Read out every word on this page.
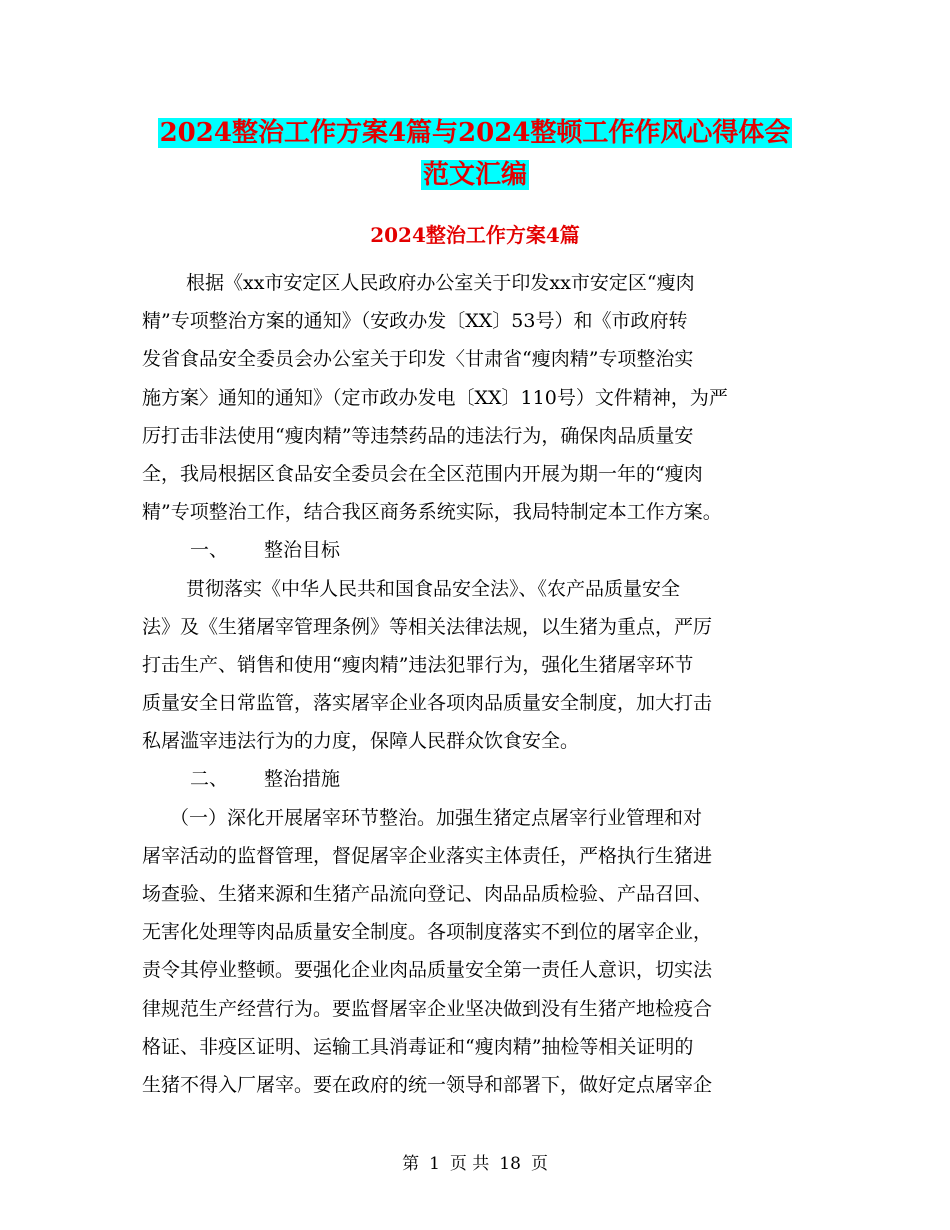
2024整治工作方案4篇与2024整顿工作作风心得体会
范文汇编
2024整治工作方案4篇
根据《xx市安定区人民政府办公室关于印发xx市安定区“瘦肉
精”专项整治方案的通知》（安政办发〔XX〕53号）和《市政府转
发省食品安全委员会办公室关于印发〈甘肃省“瘦肉精”专项整治实
施方案〉通知的通知》（定市政办发电〔XX〕110号）文件精神，为严
厉打击非法使用“瘦肉精”等违禁药品的违法行为，确保肉品质量安
全，我局根据区食品安全委员会在全区范围内开展为期一年的“瘦肉
精”专项整治工作，结合我区商务系统实际，我局特制定本工作方案。
一、 整治目标
贯彻落实《中华人民共和国食品安全法》、《农产品质量安全
法》及《生猪屠宰管理条例》等相关法律法规，以生猪为重点，严厉
打击生产、销售和使用“瘦肉精”违法犯罪行为，强化生猪屠宰环节
质量安全日常监管，落实屠宰企业各项肉品质量安全制度，加大打击
私屠滥宰违法行为的力度，保障人民群众饮食安全。
二、 整治措施
（一）深化开展屠宰环节整治。加强生猪定点屠宰行业管理和对
屠宰活动的监督管理，督促屠宰企业落实主体责任，严格执行生猪进
场查验、生猪来源和生猪产品流向登记、肉品品质检验、产品召回、
无害化处理等肉品质量安全制度。各项制度落实不到位的屠宰企业，
责令其停业整顿。要强化企业肉品质量安全第一责任人意识，切实法
律规范生产经营行为。要监督屠宰企业坚决做到没有生猪产地检疫合
格证、非疫区证明、运输工具消毒证和“瘦肉精”抽检等相关证明的
生猪不得入厂屠宰。要在政府的统一领导和部署下，做好定点屠宰企
第 1 页 共 18 页
